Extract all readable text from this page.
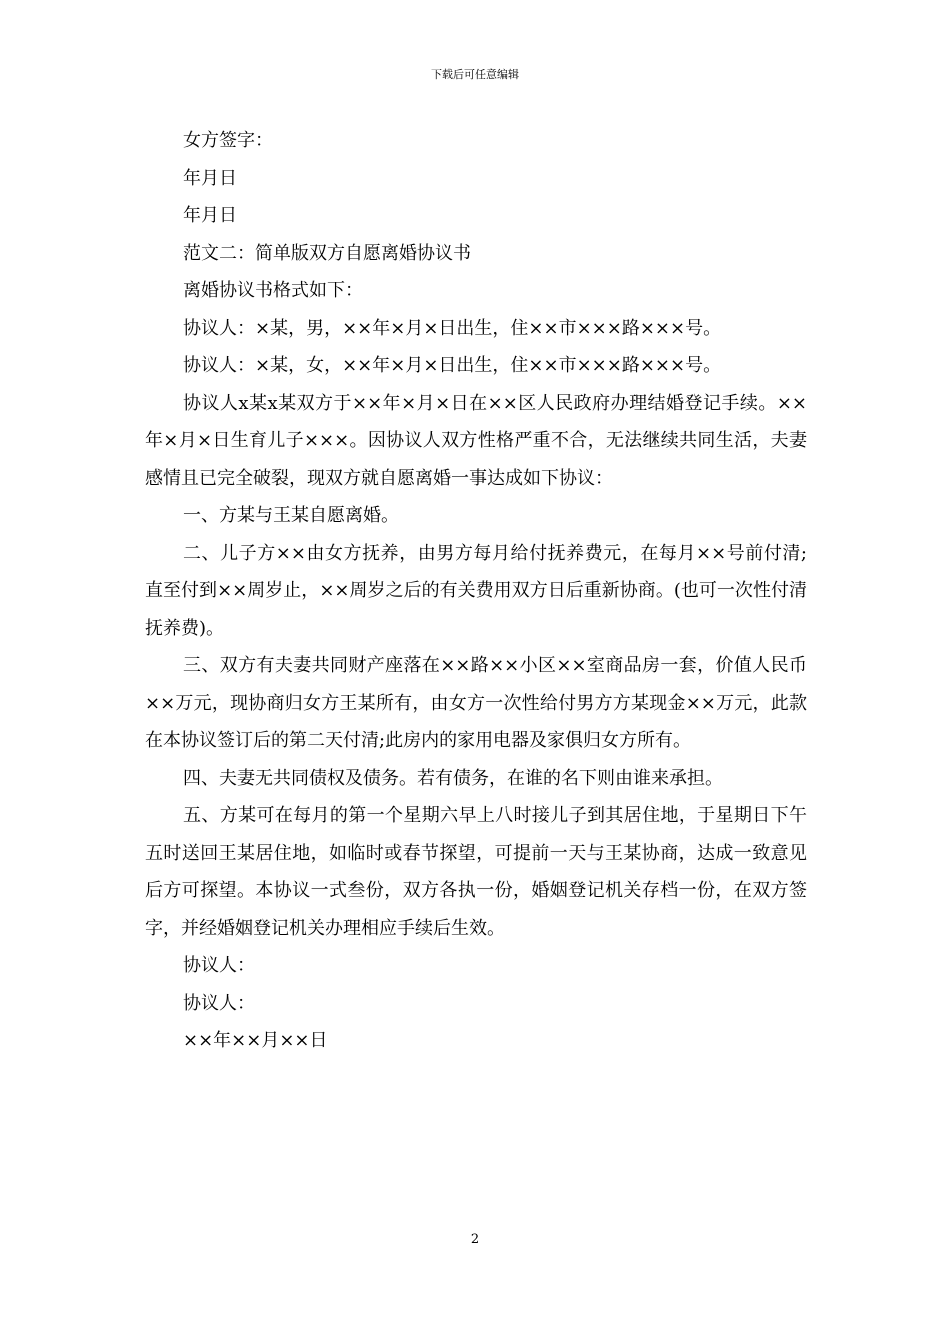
下载后可任意编辑

女方签字：

年月日

年月日

范文二：简单版双方自愿离婚协议书

离婚协议书格式如下：

协议人：×某，男，××年×月×日出生，住××市×××路×××号。

协议人：×某，女，××年×月×日出生，住××市×××路×××号。

协议人x某x某双方于××年×月×日在××区人民政府办理结婚登记手续。××年×月×日生育儿子×××。因协议人双方性格严重不合，无法继续共同生活，夫妻感情且已完全破裂，现双方就自愿离婚一事达成如下协议：

一、方某与王某自愿离婚。

二、儿子方××由女方抚养，由男方每月给付抚养费元，在每月××号前付清;直至付到××周岁止，××周岁之后的有关费用双方日后重新协商。(也可一次性付清抚养费)。

三、双方有夫妻共同财产座落在××路××小区××室商品房一套，价值人民币××万元，现协商归女方王某所有，由女方一次性给付男方方某现金××万元，此款在本协议签订后的第二天付清;此房内的家用电器及家俱归女方所有。

四、夫妻无共同债权及债务。若有债务，在谁的名下则由谁来承担。

五、方某可在每月的第一个星期六早上八时接儿子到其居住地，于星期日下午五时送回王某居住地，如临时或春节探望，可提前一天与王某协商，达成一致意见后方可探望。本协议一式叁份，双方各执一份，婚姻登记机关存档一份，在双方签字，并经婚姻登记机关办理相应手续后生效。

协议人：

协议人：

××年××月××日

2
